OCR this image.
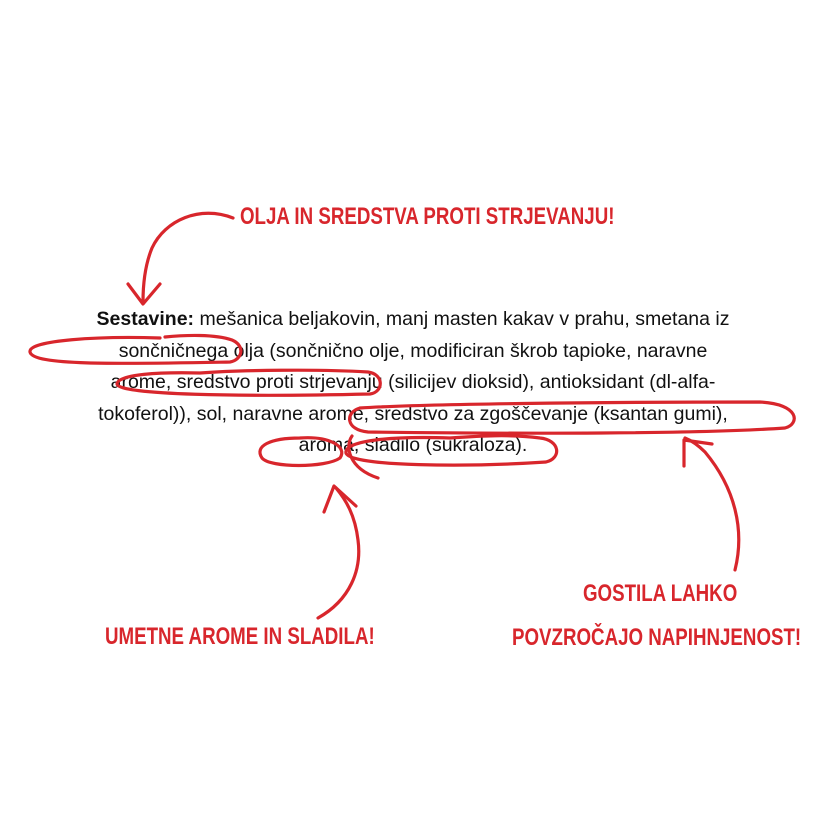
OLJA IN SREDSTVA PROTI STRJEVANJU!
Sestavine: mešanica beljakovin, manj masten kakav v prahu, smetana iz
sončničnega olja (sončnično olje, modificiran škrob tapioke, naravne
arome, sredstvo proti strjevanju (silicijev dioksid), antioksidant (dl-alfa-
tokoferol)), sol, naravne arome, sredstvo za zgoščevanje (ksantan gumi),
aroma, sladilo (sukraloza).
UMETNE AROME IN SLADILA!
GOSTILA LAHKO
POVZROČAJO NAPIHNJENOST!
